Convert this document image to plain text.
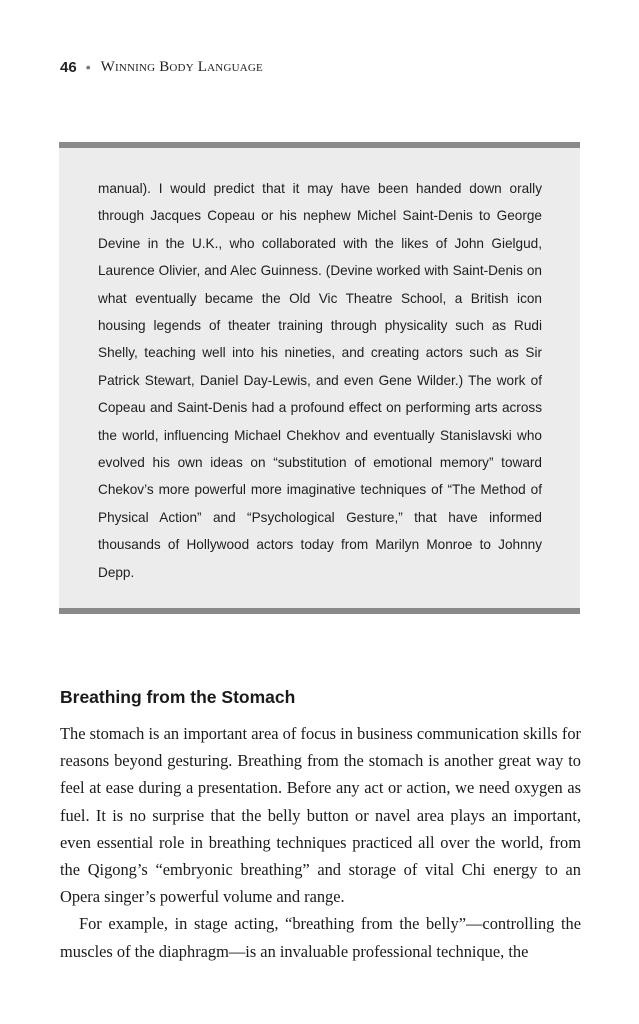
46 • Winning Body Language

manual). I would predict that it may have been handed down orally through Jacques Copeau or his nephew Michel Saint-Denis to George Devine in the U.K., who collaborated with the likes of John Gielgud, Laurence Olivier, and Alec Guinness. (Devine worked with Saint-Denis on what eventually became the Old Vic Theatre School, a British icon housing legends of theater training through physicality such as Rudi Shelly, teaching well into his nineties, and creating actors such as Sir Patrick Stewart, Daniel Day-Lewis, and even Gene Wilder.) The work of Copeau and Saint-Denis had a profound effect on performing arts across the world, influencing Michael Chekhov and eventually Stanislavski who evolved his own ideas on “substitution of emotional memory” toward Chekov’s more powerful more imaginative techniques of “The Method of Physical Action” and “Psychological Gesture,” that have informed thousands of Hollywood actors today from Marilyn Monroe to Johnny Depp.

Breathing from the Stomach

The stomach is an important area of focus in business communication skills for reasons beyond gesturing. Breathing from the stomach is another great way to feel at ease during a presentation. Before any act or action, we need oxygen as fuel. It is no surprise that the belly button or navel area plays an important, even essential role in breathing techniques practiced all over the world, from the Qigong’s “embryonic breathing” and storage of vital Chi energy to an Opera singer’s powerful volume and range.

For example, in stage acting, “breathing from the belly”—controlling the muscles of the diaphragm—is an invaluable professional technique, the
